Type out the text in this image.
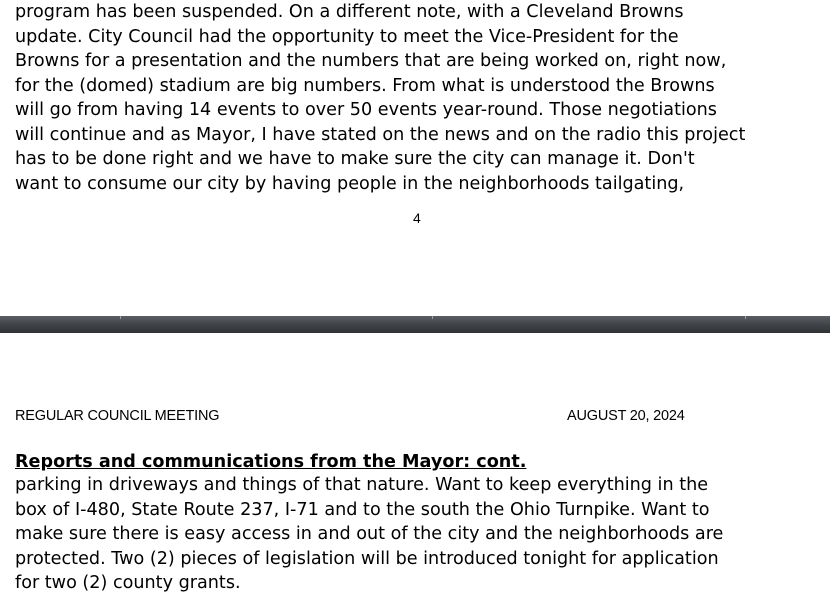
program has been suspended. On a different note, with a Cleveland Browns
update. City Council had the opportunity to meet the Vice-President for the
Browns for a presentation and the numbers that are being worked on, right now,
for the (domed) stadium are big numbers. From what is understood the Browns
will go from having 14 events to over 50 events year-round. Those negotiations
will continue and as Mayor, I have stated on the news and on the radio this project
has to be done right and we have to make sure the city can manage it. Don't
want to consume our city by having people in the neighborhoods tailgating,
4
REGULAR COUNCIL MEETING	AUGUST 20, 2024
Reports and communications from the Mayor: cont.
parking in driveways and things of that nature. Want to keep everything in the
box of I-480, State Route 237, I-71 and to the south the Ohio Turnpike. Want to
make sure there is easy access in and out of the city and the neighborhoods are
protected. Two (2) pieces of legislation will be introduced tonight for application
for two (2) county grants.
